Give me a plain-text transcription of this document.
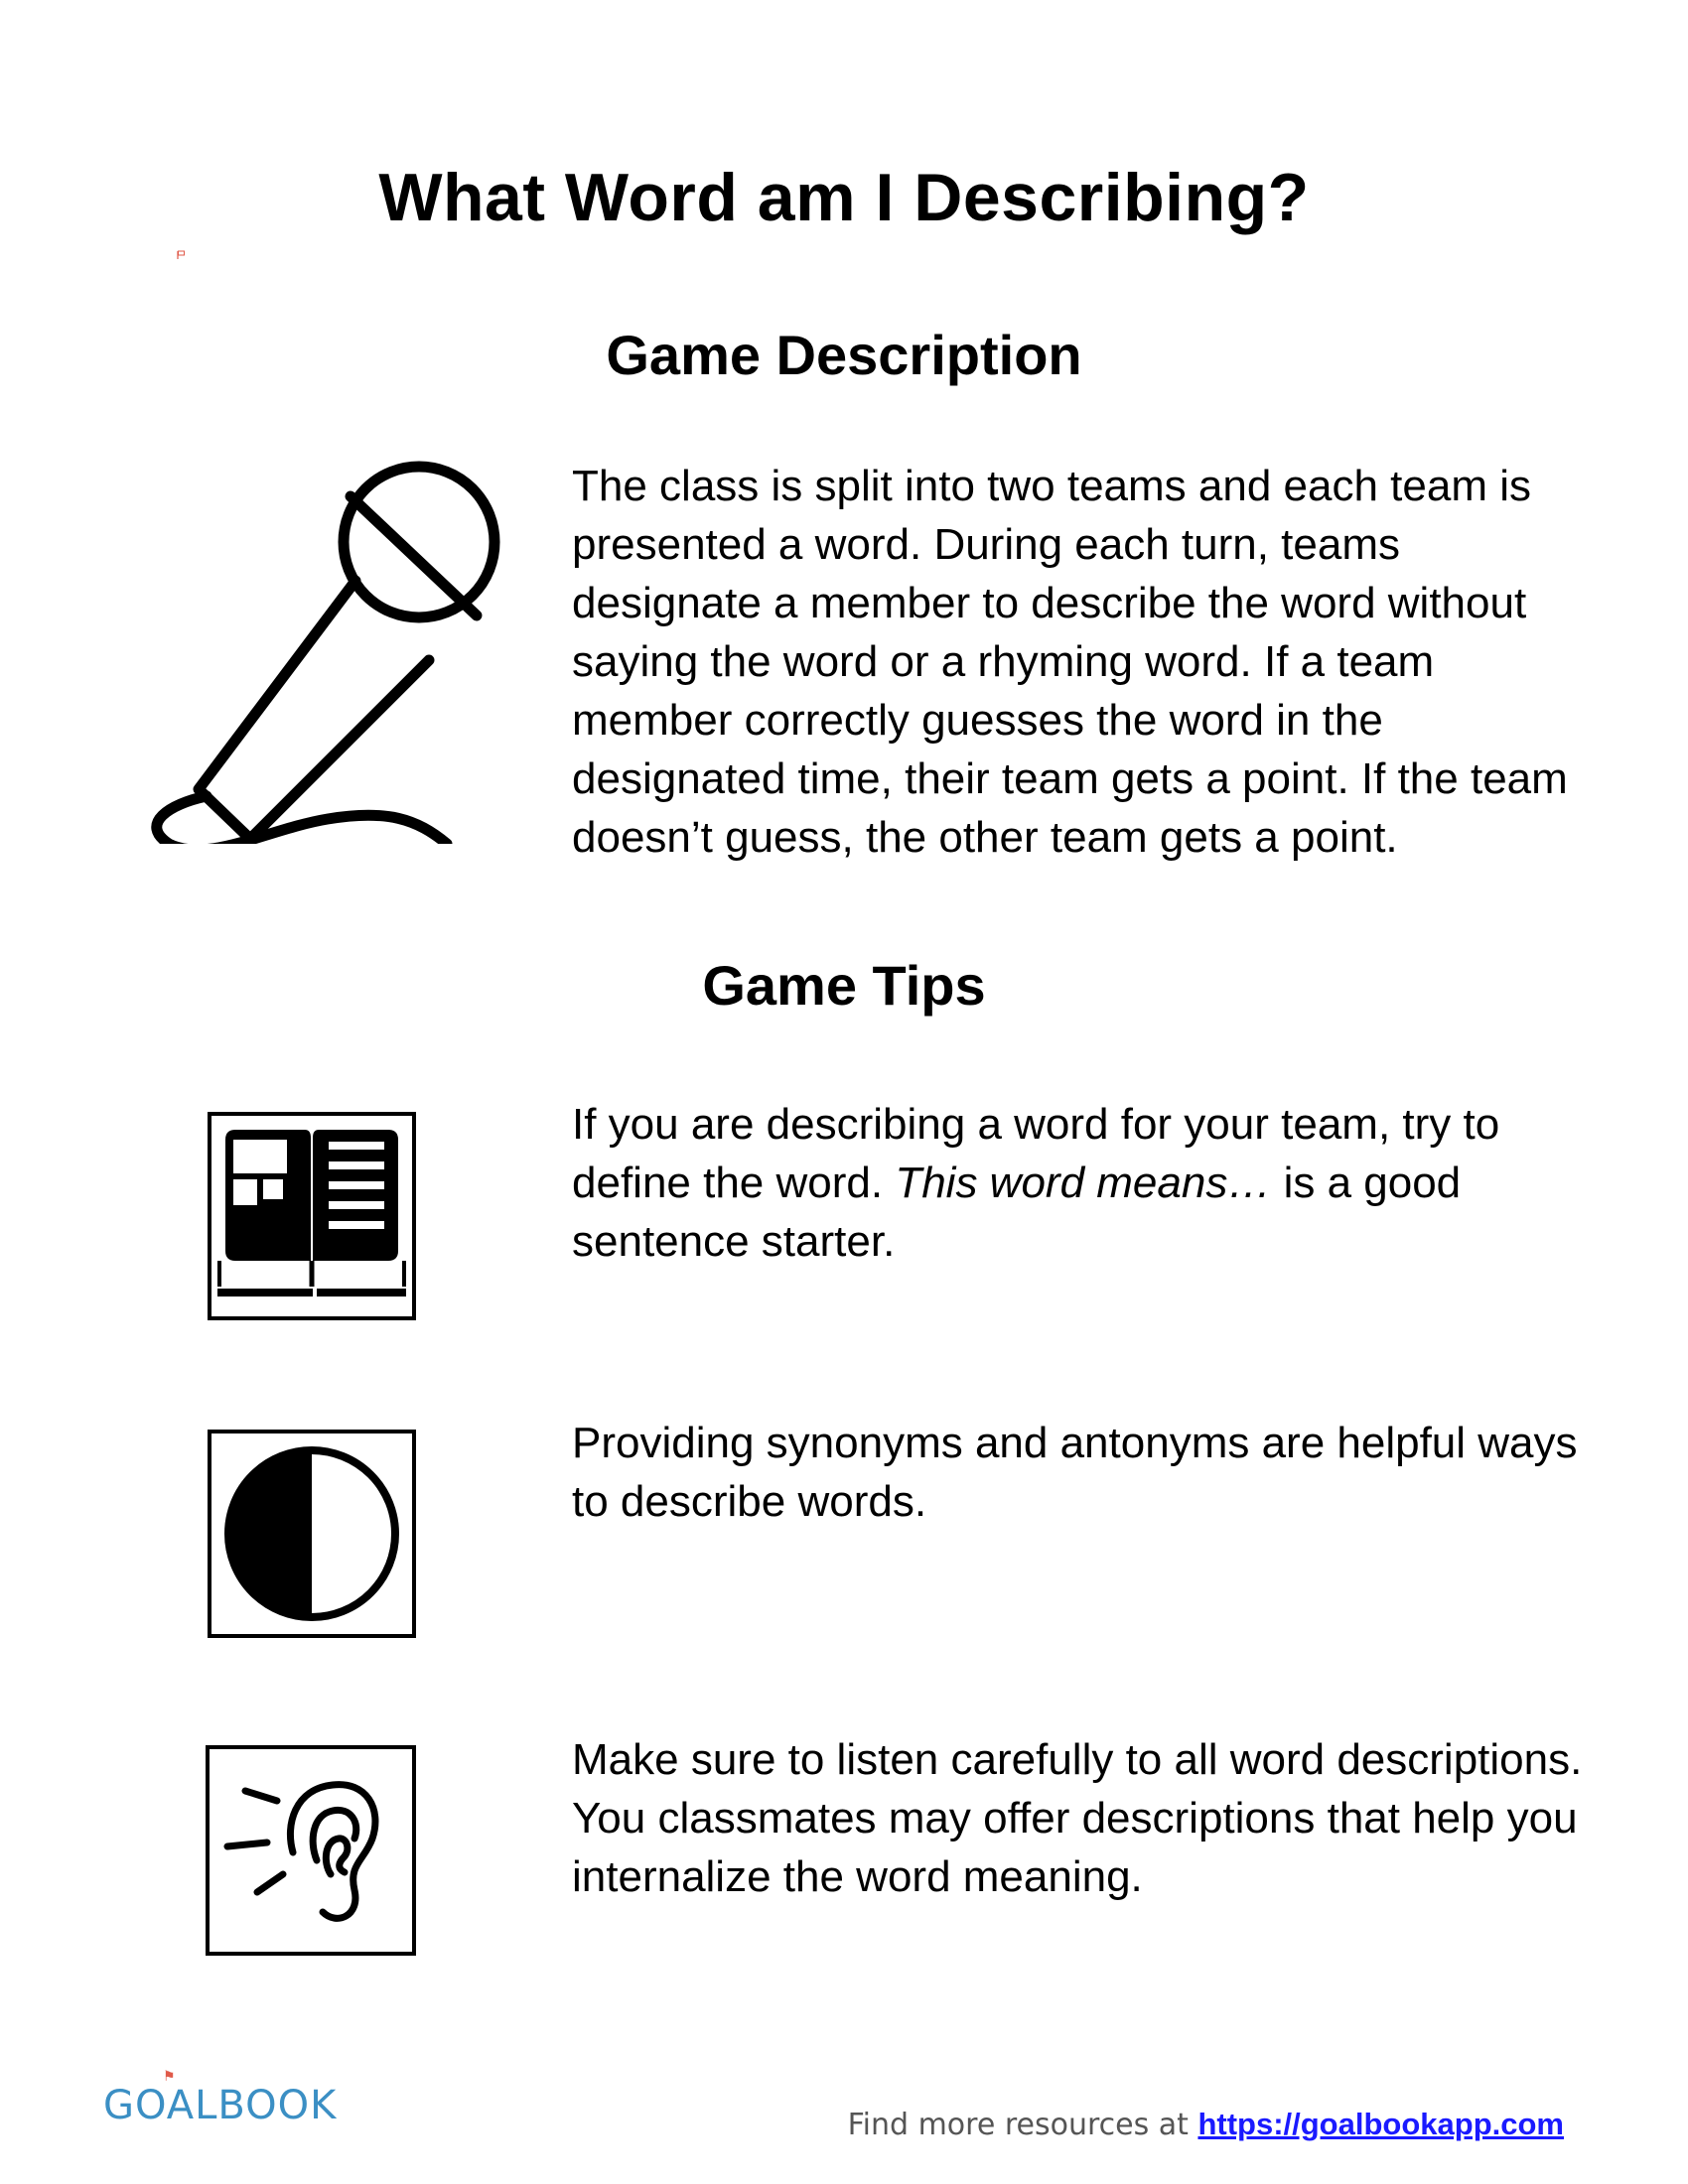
What Word am I Describing?
Game Description

The class is split into two teams and each team is presented a word. During each turn, teams designate a member to describe the word without saying the word or a rhyming word. If a team member correctly guesses the word in the designated time, their team gets a point. If the team doesn’t guess, the other team gets a point.

Game Tips

If you are describing a word for your team, try to define the word. This word means… is a good sentence starter.

Providing synonyms and antonyms are helpful ways to describe words.

Make sure to listen carefully to all word descriptions. You classmates may offer descriptions that help you internalize the word meaning.

GOALBOOK
⚑
Find more resources at https://goalbookapp.com
